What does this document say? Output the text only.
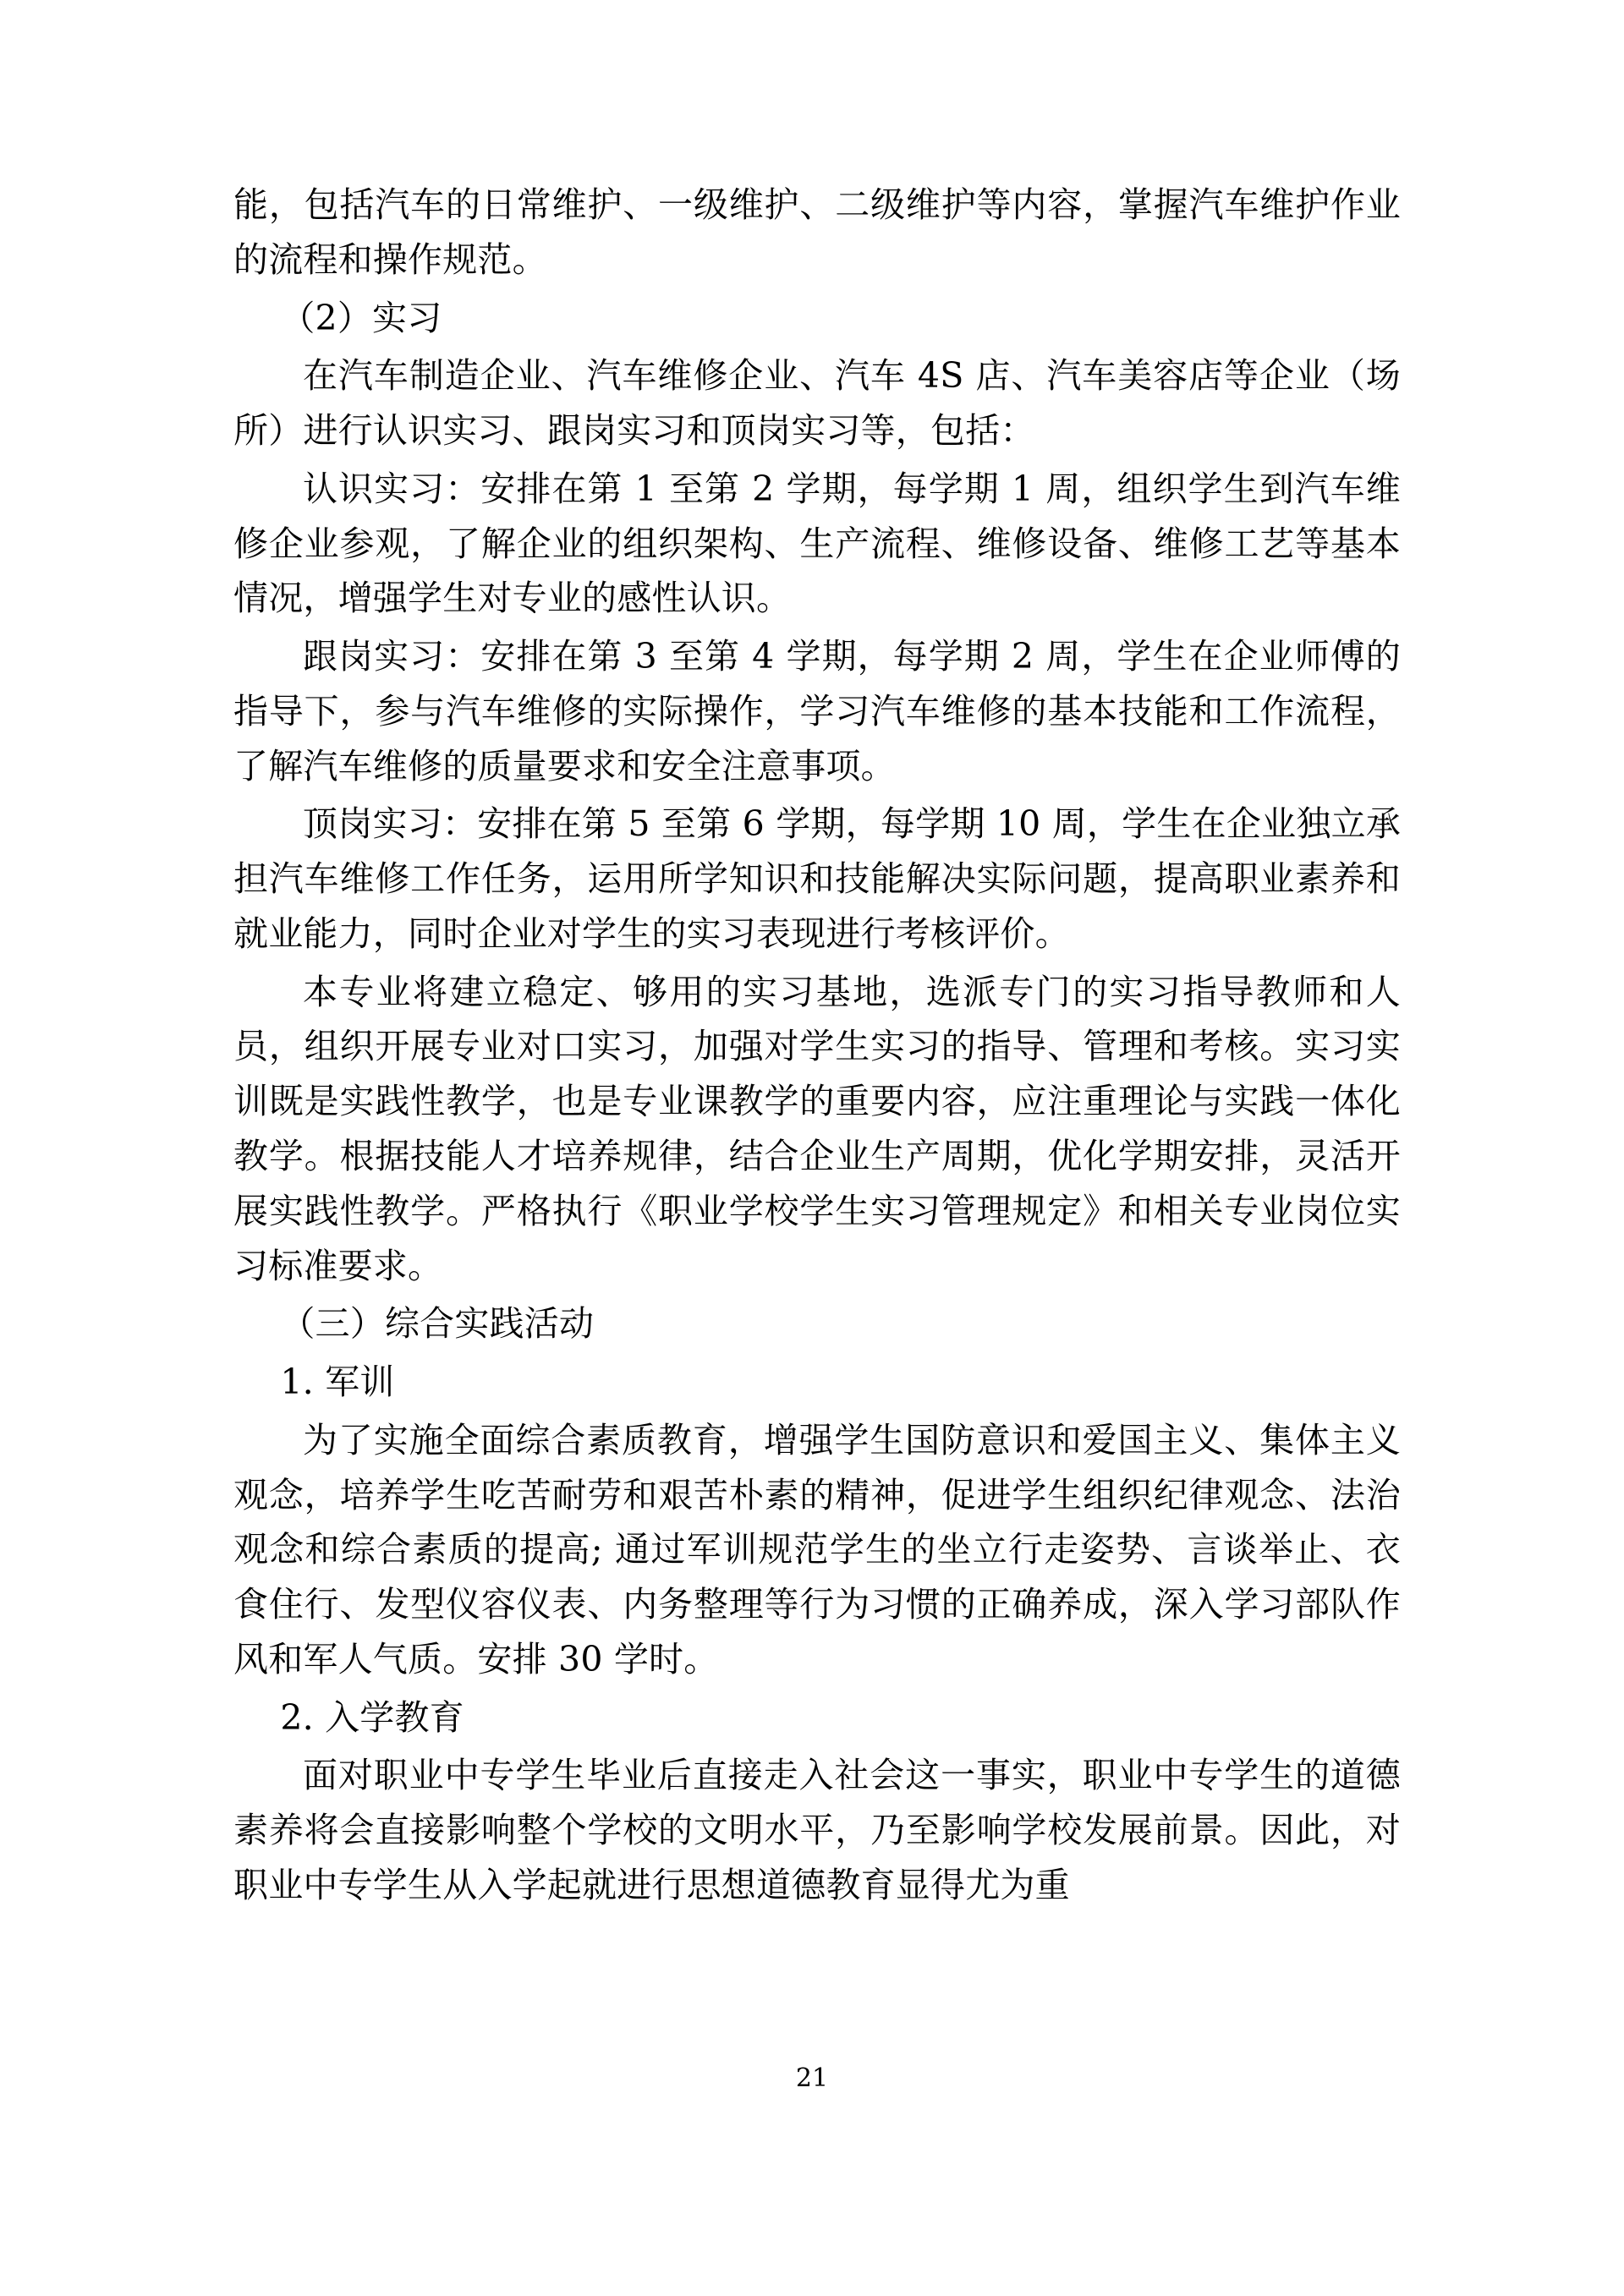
能，包括汽车的日常维护、一级维护、二级维护等内容，掌握汽车维护作业的流程和操作规范。

（2）实习

在汽车制造企业、汽车维修企业、汽车 4S 店、汽车美容店等企业（场所）进行认识实习、跟岗实习和顶岗实习等，包括：

认识实习：安排在第 1 至第 2 学期，每学期 1 周，组织学生到汽车维修企业参观，了解企业的组织架构、生产流程、维修设备、维修工艺等基本情况，增强学生对专业的感性认识。

跟岗实习：安排在第 3 至第 4 学期，每学期 2 周，学生在企业师傅的指导下，参与汽车维修的实际操作，学习汽车维修的基本技能和工作流程，了解汽车维修的质量要求和安全注意事项。

顶岗实习：安排在第 5 至第 6 学期，每学期 10 周，学生在企业独立承担汽车维修工作任务，运用所学知识和技能解决实际问题，提高职业素养和就业能力，同时企业对学生的实习表现进行考核评价。

本专业将建立稳定、够用的实习基地，选派专门的实习指导教师和人员，组织开展专业对口实习，加强对学生实习的指导、管理和考核。实习实训既是实践性教学，也是专业课教学的重要内容，应注重理论与实践一体化教学。根据技能人才培养规律，结合企业生产周期，优化学期安排，灵活开展实践性教学。严格执行《职业学校学生实习管理规定》和相关专业岗位实习标准要求。

（三）综合实践活动

1. 军训

为了实施全面综合素质教育，增强学生国防意识和爱国主义、集体主义观念，培养学生吃苦耐劳和艰苦朴素的精神，促进学生组织纪律观念、法治观念和综合素质的提高; 通过军训规范学生的坐立行走姿势、言谈举止、衣食住行、发型仪容仪表、内务整理等行为习惯的正确养成，深入学习部队作风和军人气质。安排 30 学时。

2. 入学教育

面对职业中专学生毕业后直接走入社会这一事实，职业中专学生的道德素养将会直接影响整个学校的文明水平，乃至影响学校发展前景。因此，对职业中专学生从入学起就进行思想道德教育显得尤为重

21
